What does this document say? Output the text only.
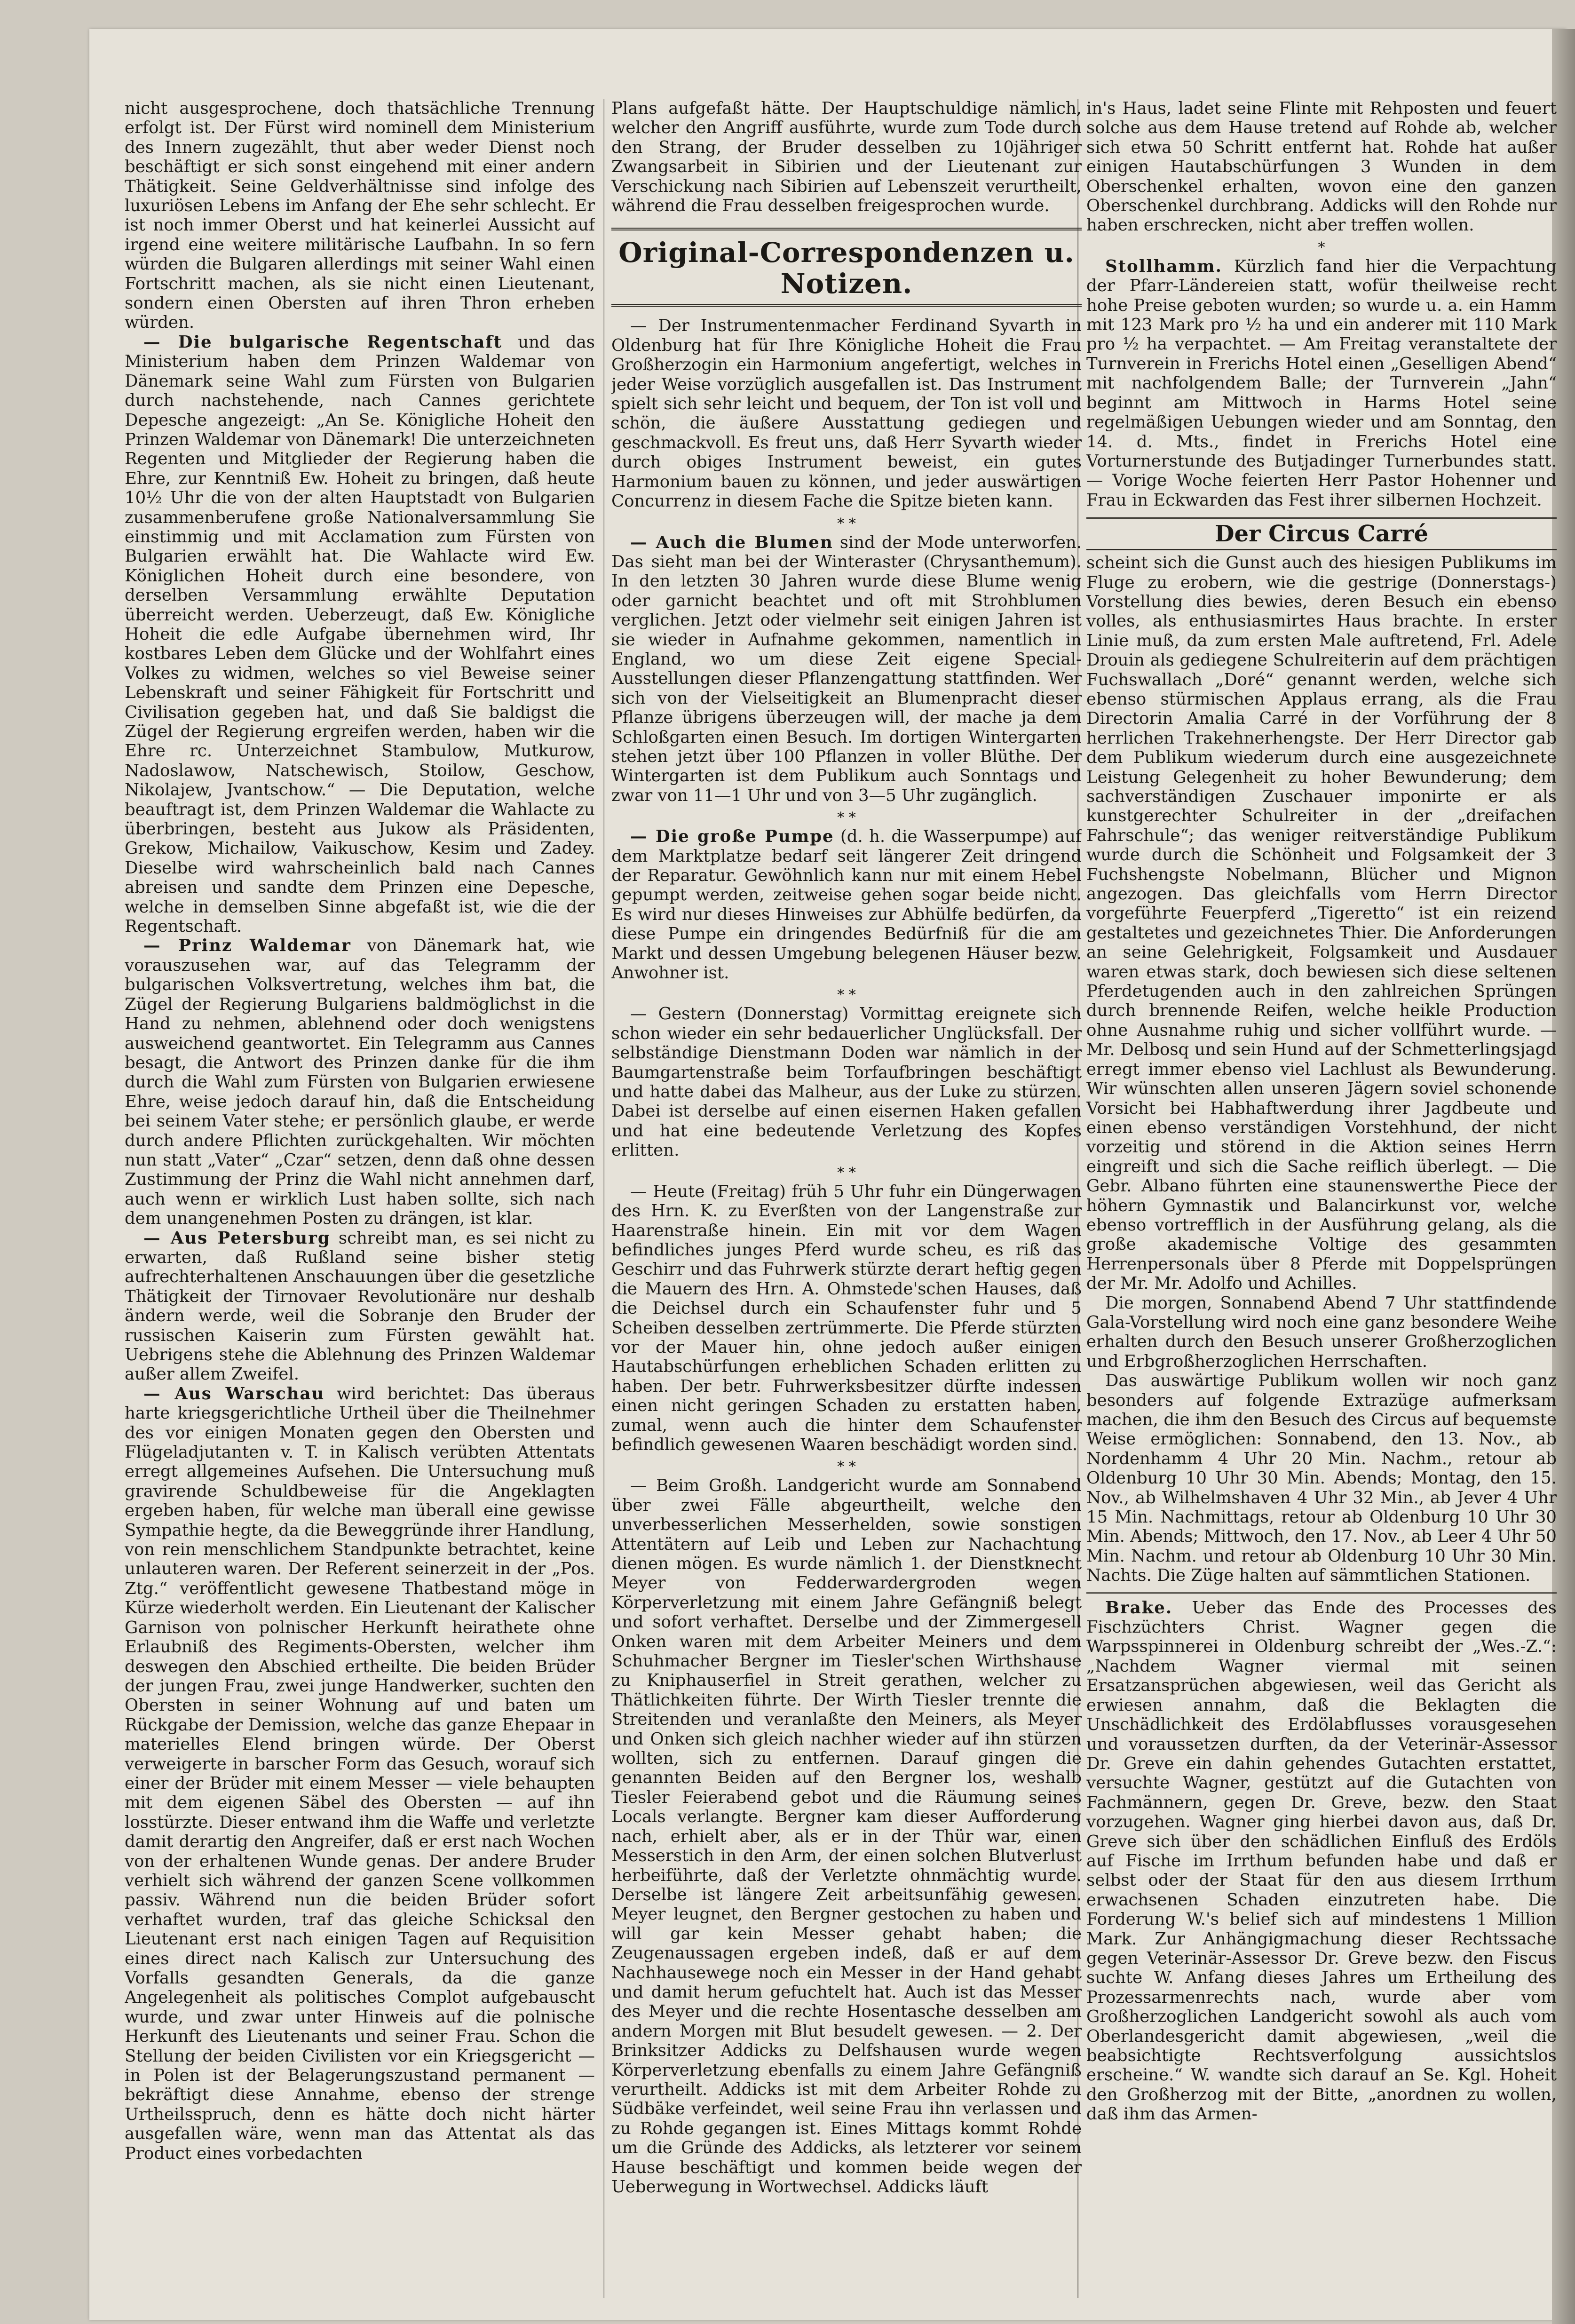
nicht ausgesprochene, doch thatsächliche Trennung erfolgt ist. Der Fürst wird nominell dem Ministerium des Innern zugezählt, thut aber weder Dienst noch beschäftigt er sich sonst eingehend mit einer andern Thätigkeit. Seine Geldverhältnisse sind infolge des luxuriösen Lebens im Anfang der Ehe sehr schlecht. Er ist noch immer Oberst und hat keinerlei Aussicht auf irgend eine weitere militärische Laufbahn. In so fern würden die Bulgaren allerdings mit seiner Wahl einen Fortschritt machen, als sie nicht einen Lieutenant, sondern einen Obersten auf ihren Thron erheben würden.

— Die bulgarische Regentschaft und das Ministerium haben dem Prinzen Waldemar von Dänemark seine Wahl zum Fürsten von Bulgarien durch nachstehende, nach Cannes gerichtete Depesche angezeigt: „An Se. Königliche Hoheit den Prinzen Waldemar von Dänemark! Die unterzeichneten Regenten und Mitglieder der Regierung haben die Ehre, zur Kenntniß Ew. Hoheit zu bringen, daß heute 10½ Uhr die von der alten Hauptstadt von Bulgarien zusammenberufene große Nationalversammlung Sie einstimmig und mit Acclamation zum Fürsten von Bulgarien erwählt hat. Die Wahlacte wird Ew. Königlichen Hoheit durch eine besondere, von derselben Versammlung erwählte Deputation überreicht werden. Ueberzeugt, daß Ew. Königliche Hoheit die edle Aufgabe übernehmen wird, Ihr kostbares Leben dem Glücke und der Wohlfahrt eines Volkes zu widmen, welches so viel Beweise seiner Lebenskraft und seiner Fähigkeit für Fortschritt und Civilisation gegeben hat, und daß Sie baldigst die Zügel der Regierung ergreifen werden, haben wir die Ehre rc. Unterzeichnet Stambulow, Mutkurow, Nadoslawow, Natschewisch, Stoilow, Geschow, Nikolajew, Jvantschow.“ — Die Deputation, welche beauftragt ist, dem Prinzen Waldemar die Wahlacte zu überbringen, besteht aus Jukow als Präsidenten, Grekow, Michailow, Vaikuschow, Kesim und Zadey. Dieselbe wird wahrscheinlich bald nach Cannes abreisen und sandte dem Prinzen eine Depesche, welche in demselben Sinne abgefaßt ist, wie die der Regentschaft.

— Prinz Waldemar von Dänemark hat, wie vorauszusehen war, auf das Telegramm der bulgarischen Volksvertretung, welches ihm bat, die Zügel der Regierung Bulgariens baldmöglichst in die Hand zu nehmen, ablehnend oder doch wenigstens ausweichend geantwortet. Ein Telegramm aus Cannes besagt, die Antwort des Prinzen danke für die ihm durch die Wahl zum Fürsten von Bulgarien erwiesene Ehre, weise jedoch darauf hin, daß die Entscheidung bei seinem Vater stehe; er persönlich glaube, er werde durch andere Pflichten zurückgehalten. Wir möchten nun statt „Vater“ „Czar“ setzen, denn daß ohne dessen Zustimmung der Prinz die Wahl nicht annehmen darf, auch wenn er wirklich Lust haben sollte, sich nach dem unangenehmen Posten zu drängen, ist klar.

— Aus Petersburg schreibt man, es sei nicht zu erwarten, daß Rußland seine bisher stetig aufrechterhaltenen Anschauungen über die gesetzliche Thätigkeit der Tirnovaer Revolutionäre nur deshalb ändern werde, weil die Sobranje den Bruder der russischen Kaiserin zum Fürsten gewählt hat. Uebrigens stehe die Ablehnung des Prinzen Waldemar außer allem Zweifel.

— Aus Warschau wird berichtet: Das überaus harte kriegsgerichtliche Urtheil über die Theilnehmer des vor einigen Monaten gegen den Obersten und Flügeladjutanten v. T. in Kalisch verübten Attentats erregt allgemeines Aufsehen. Die Untersuchung muß gravirende Schuldbeweise für die Angeklagten ergeben haben, für welche man überall eine gewisse Sympathie hegte, da die Beweggründe ihrer Handlung, von rein menschlichem Standpunkte betrachtet, keine unlauteren waren. Der Referent seinerzeit in der „Pos. Ztg.“ veröffentlicht gewesene Thatbestand möge in Kürze wiederholt werden. Ein Lieutenant der Kalischer Garnison von polnischer Herkunft heirathete ohne Erlaubniß des Regiments-Obersten, welcher ihm deswegen den Abschied ertheilte. Die beiden Brüder der jungen Frau, zwei junge Handwerker, suchten den Obersten in seiner Wohnung auf und baten um Rückgabe der Demission, welche das ganze Ehepaar in materielles Elend bringen würde. Der Oberst verweigerte in barscher Form das Gesuch, worauf sich einer der Brüder mit einem Messer — viele behaupten mit dem eigenen Säbel des Obersten — auf ihn losstürzte. Dieser entwand ihm die Waffe und verletzte damit derartig den Angreifer, daß er erst nach Wochen von der erhaltenen Wunde genas. Der andere Bruder verhielt sich während der ganzen Scene vollkommen passiv. Während nun die beiden Brüder sofort verhaftet wurden, traf das gleiche Schicksal den Lieutenant erst nach einigen Tagen auf Requisition eines direct nach Kalisch zur Untersuchung des Vorfalls gesandten Generals, da die ganze Angelegenheit als politisches Complot aufgebauscht wurde, und zwar unter Hinweis auf die polnische Herkunft des Lieutenants und seiner Frau. Schon die Stellung der beiden Civilisten vor ein Kriegsgericht — in Polen ist der Belagerungszustand permanent — bekräftigt diese Annahme, ebenso der strenge Urtheilsspruch, denn es hätte doch nicht härter ausgefallen wäre, wenn man das Attentat als das Product eines vorbedachten

Plans aufgefaßt hätte. Der Hauptschuldige nämlich, welcher den Angriff ausführte, wurde zum Tode durch den Strang, der Bruder desselben zu 10jähriger Zwangsarbeit in Sibirien und der Lieutenant zur Verschickung nach Sibirien auf Lebenszeit verurtheilt, während die Frau desselben freigesprochen wurde.

Original-Correspondenzen u. Notizen.

— Der Instrumentenmacher Ferdinand Syvarth in Oldenburg hat für Ihre Königliche Hoheit die Frau Großherzogin ein Harmonium angefertigt, welches in jeder Weise vorzüglich ausgefallen ist. Das Instrument spielt sich sehr leicht und bequem, der Ton ist voll und schön, die äußere Ausstattung gediegen und geschmackvoll. Es freut uns, daß Herr Syvarth wieder durch obiges Instrument beweist, ein gutes Harmonium bauen zu können, und jeder auswärtigen Concurrenz in diesem Fache die Spitze bieten kann.

* *

— Auch die Blumen sind der Mode unterworfen. Das sieht man bei der Winteraster (Chrysanthemum). In den letzten 30 Jahren wurde diese Blume wenig oder garnicht beachtet und oft mit Strohblumen verglichen. Jetzt oder vielmehr seit einigen Jahren ist sie wieder in Aufnahme gekommen, namentlich in England, wo um diese Zeit eigene Special-Ausstellungen dieser Pflanzengattung stattfinden. Wer sich von der Vielseitigkeit an Blumenpracht dieser Pflanze übrigens überzeugen will, der mache ja dem Schloßgarten einen Besuch. Im dortigen Wintergarten stehen jetzt über 100 Pflanzen in voller Blüthe. Der Wintergarten ist dem Publikum auch Sonntags und zwar von 11—1 Uhr und von 3—5 Uhr zugänglich.

* *

— Die große Pumpe (d. h. die Wasserpumpe) auf dem Marktplatze bedarf seit längerer Zeit dringend der Reparatur. Gewöhnlich kann nur mit einem Hebel gepumpt werden, zeitweise gehen sogar beide nicht. Es wird nur dieses Hinweises zur Abhülfe bedürfen, da diese Pumpe ein dringendes Bedürfniß für die am Markt und dessen Umgebung belegenen Häuser bezw. Anwohner ist.

* *

— Gestern (Donnerstag) Vormittag ereignete sich schon wieder ein sehr bedauerlicher Unglücksfall. Der selbständige Dienstmann Doden war nämlich in der Baumgartenstraße beim Torfaufbringen beschäftigt und hatte dabei das Malheur, aus der Luke zu stürzen. Dabei ist derselbe auf einen eisernen Haken gefallen und hat eine bedeutende Verletzung des Kopfes erlitten.

* *

— Heute (Freitag) früh 5 Uhr fuhr ein Düngerwagen des Hrn. K. zu Everßten von der Langenstraße zur Haarenstraße hinein. Ein mit vor dem Wagen befindliches junges Pferd wurde scheu, es riß das Geschirr und das Fuhrwerk stürzte derart heftig gegen die Mauern des Hrn. A. Ohmstede'schen Hauses, daß die Deichsel durch ein Schaufenster fuhr und 5 Scheiben desselben zertrümmerte. Die Pferde stürzten vor der Mauer hin, ohne jedoch außer einigen Hautabschürfungen erheblichen Schaden erlitten zu haben. Der betr. Fuhrwerksbesitzer dürfte indessen einen nicht geringen Schaden zu erstatten haben, zumal, wenn auch die hinter dem Schaufenster befindlich gewesenen Waaren beschädigt worden sind.

* *

— Beim Großh. Landgericht wurde am Sonnabend über zwei Fälle abgeurtheilt, welche den unverbesserlichen Messerhelden, sowie sonstigen Attentätern auf Leib und Leben zur Nachachtung dienen mögen. Es wurde nämlich 1. der Dienstknecht Meyer von Fedderwardergroden wegen Körperverletzung mit einem Jahre Gefängniß belegt und sofort verhaftet. Derselbe und der Zimmergesell Onken waren mit dem Arbeiter Meiners und dem Schuhmacher Bergner im Tiesler'schen Wirthshause zu Kniphauserfiel in Streit gerathen, welcher zu Thätlichkeiten führte. Der Wirth Tiesler trennte die Streitenden und veranlaßte den Meiners, als Meyer und Onken sich gleich nachher wieder auf ihn stürzen wollten, sich zu entfernen. Darauf gingen die genannten Beiden auf den Bergner los, weshalb Tiesler Feierabend gebot und die Räumung seines Locals verlangte. Bergner kam dieser Aufforderung nach, erhielt aber, als er in der Thür war, einen Messerstich in den Arm, der einen solchen Blutverlust herbeiführte, daß der Verletzte ohnmächtig wurde. Derselbe ist längere Zeit arbeitsunfähig gewesen. Meyer leugnet, den Bergner gestochen zu haben und will gar kein Messer gehabt haben; die Zeugenaussagen ergeben indeß, daß er auf dem Nachhausewege noch ein Messer in der Hand gehabt und damit herum gefuchtelt hat. Auch ist das Messer des Meyer und die rechte Hosentasche desselben am andern Morgen mit Blut besudelt gewesen. — 2. Der Brinksitzer Addicks zu Delfshausen wurde wegen Körperverletzung ebenfalls zu einem Jahre Gefängniß verurtheilt. Addicks ist mit dem Arbeiter Rohde zu Südbäke verfeindet, weil seine Frau ihn verlassen und zu Rohde gegangen ist. Eines Mittags kommt Rohde um die Gründe des Addicks, als letzterer vor seinem Hause beschäftigt und kommen beide wegen der Ueberwegung in Wortwechsel. Addicks läuft

in's Haus, ladet seine Flinte mit Rehposten und feuert solche aus dem Hause tretend auf Rohde ab, welcher sich etwa 50 Schritt entfernt hat. Rohde hat außer einigen Hautabschürfungen 3 Wunden in dem Oberschenkel erhalten, wovon eine den ganzen Oberschenkel durchbrang. Addicks will den Rohde nur haben erschrecken, nicht aber treffen wollen.

*

Stollhamm. Kürzlich fand hier die Verpachtung der Pfarr-Ländereien statt, wofür theilweise recht hohe Preise geboten wurden; so wurde u. a. ein Hamm mit 123 Mark pro ½ ha und ein anderer mit 110 Mark pro ½ ha verpachtet. — Am Freitag veranstaltete der Turnverein in Frerichs Hotel einen „Geselligen Abend“ mit nachfolgendem Balle; der Turnverein „Jahn“ beginnt am Mittwoch in Harms Hotel seine regelmäßigen Uebungen wieder und am Sonntag, den 14. d. Mts., findet in Frerichs Hotel eine Vorturnerstunde des Butjadinger Turnerbundes statt. — Vorige Woche feierten Herr Pastor Hohenner und Frau in Eckwarden das Fest ihrer silbernen Hochzeit.

Der Circus Carré

scheint sich die Gunst auch des hiesigen Publikums im Fluge zu erobern, wie die gestrige (Donnerstags-) Vorstellung dies bewies, deren Besuch ein ebenso volles, als enthusiasmirtes Haus brachte. In erster Linie muß, da zum ersten Male auftretend, Frl. Adele Drouin als gediegene Schulreiterin auf dem prächtigen Fuchswallach „Doré“ genannt werden, welche sich ebenso stürmischen Applaus errang, als die Frau Directorin Amalia Carré in der Vorführung der 8 herrlichen Trakehnerhengste. Der Herr Director gab dem Publikum wiederum durch eine ausgezeichnete Leistung Gelegenheit zu hoher Bewunderung; dem sachverständigen Zuschauer imponirte er als kunstgerechter Schulreiter in der „dreifachen Fahrschule“; das weniger reitverständige Publikum wurde durch die Schönheit und Folgsamkeit der 3 Fuchshengste Nobelmann, Blücher und Mignon angezogen. Das gleichfalls vom Herrn Director vorgeführte Feuerpferd „Tigeretto“ ist ein reizend gestaltetes und gezeichnetes Thier. Die Anforderungen an seine Gelehrigkeit, Folgsamkeit und Ausdauer waren etwas stark, doch bewiesen sich diese seltenen Pferdetugenden auch in den zahlreichen Sprüngen durch brennende Reifen, welche heikle Production ohne Ausnahme ruhig und sicher vollführt wurde. — Mr. Delbosq und sein Hund auf der Schmetterlingsjagd erregt immer ebenso viel Lachlust als Bewunderung. Wir wünschten allen unseren Jägern soviel schonende Vorsicht bei Habhaftwerdung ihrer Jagdbeute und einen ebenso verständigen Vorstehhund, der nicht vorzeitig und störend in die Aktion seines Herrn eingreift und sich die Sache reiflich überlegt. — Die Gebr. Albano führten eine staunenswerthe Piece der höhern Gymnastik und Balancirkunst vor, welche ebenso vortrefflich in der Ausführung gelang, als die große akademische Voltige des gesammten Herrenpersonals über 8 Pferde mit Doppelsprüngen der Mr. Mr. Adolfo und Achilles.

Die morgen, Sonnabend Abend 7 Uhr stattfindende Gala-Vorstellung wird noch eine ganz besondere Weihe erhalten durch den Besuch unserer Großherzoglichen und Erbgroßherzoglichen Herrschaften.

Das auswärtige Publikum wollen wir noch ganz besonders auf folgende Extrazüge aufmerksam machen, die ihm den Besuch des Circus auf bequemste Weise ermöglichen: Sonnabend, den 13. Nov., ab Nordenhamm 4 Uhr 20 Min. Nachm., retour ab Oldenburg 10 Uhr 30 Min. Abends; Montag, den 15. Nov., ab Wilhelmshaven 4 Uhr 32 Min., ab Jever 4 Uhr 15 Min. Nachmittags, retour ab Oldenburg 10 Uhr 30 Min. Abends; Mittwoch, den 17. Nov., ab Leer 4 Uhr 50 Min. Nachm. und retour ab Oldenburg 10 Uhr 30 Min. Nachts. Die Züge halten auf sämmtlichen Stationen.

Brake. Ueber das Ende des Processes des Fischzüchters Christ. Wagner gegen die Warpsspinnerei in Oldenburg schreibt der „Wes.-Z.“: „Nachdem Wagner viermal mit seinen Ersatzansprüchen abgewiesen, weil das Gericht als erwiesen annahm, daß die Beklagten die Unschädlichkeit des Erdölabflusses vorausgesehen und voraussetzen durften, da der Veterinär-Assessor Dr. Greve ein dahin gehendes Gutachten erstattet, versuchte Wagner, gestützt auf die Gutachten von Fachmännern, gegen Dr. Greve, bezw. den Staat vorzugehen. Wagner ging hierbei davon aus, daß Dr. Greve sich über den schädlichen Einfluß des Erdöls auf Fische im Irrthum befunden habe und daß er selbst oder der Staat für den aus diesem Irrthum erwachsenen Schaden einzutreten habe. Die Forderung W.'s belief sich auf mindestens 1 Million Mark. Zur Anhängigmachung dieser Rechtssache gegen Veterinär-Assessor Dr. Greve bezw. den Fiscus suchte W. Anfang dieses Jahres um Ertheilung des Prozessarmenrechts nach, wurde aber vom Großherzoglichen Landgericht sowohl als auch vom Oberlandesgericht damit abgewiesen, „weil die beabsichtigte Rechtsverfolgung aussichtslos erscheine.“ W. wandte sich darauf an Se. Kgl. Hoheit den Großherzog mit der Bitte, „anordnen zu wollen, daß ihm das Armen-
